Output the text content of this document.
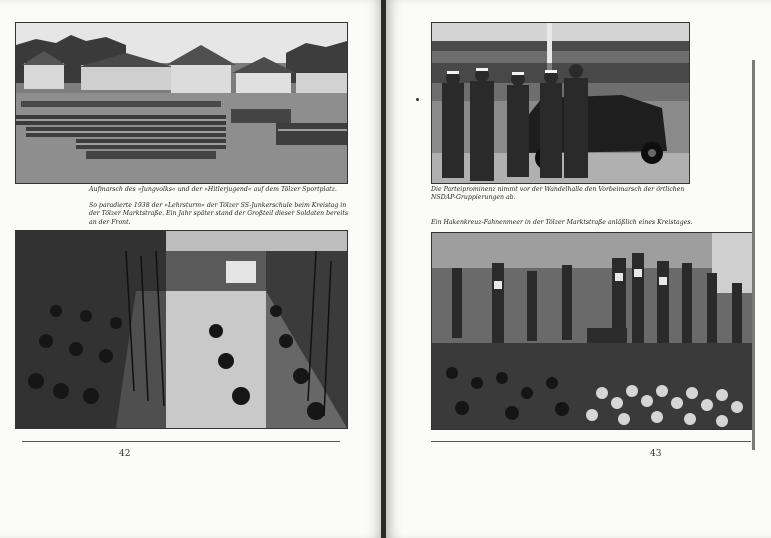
Aufmarsch des »Jungvolks« und der »Hitlerjugend« auf dem Tölzer Sportplatz.

So paradierte 1938 der »Lehrsturm« der Tölzer SS-Junkerschule beim Kreistag in der Tölzer Marktstraße. Ein Jahr später stand der Großteil dieser Soldaten bereits an der Front.

42

Die Parteiprominenz nimmt vor der Wandelhalle den Vorbeimarsch der örtlichen NSDAP-Gruppierungen ab.

Ein Hakenkreuz-Fahnenmeer in der Tölzer Marktstraße anläßlich eines Kreistages.

43
